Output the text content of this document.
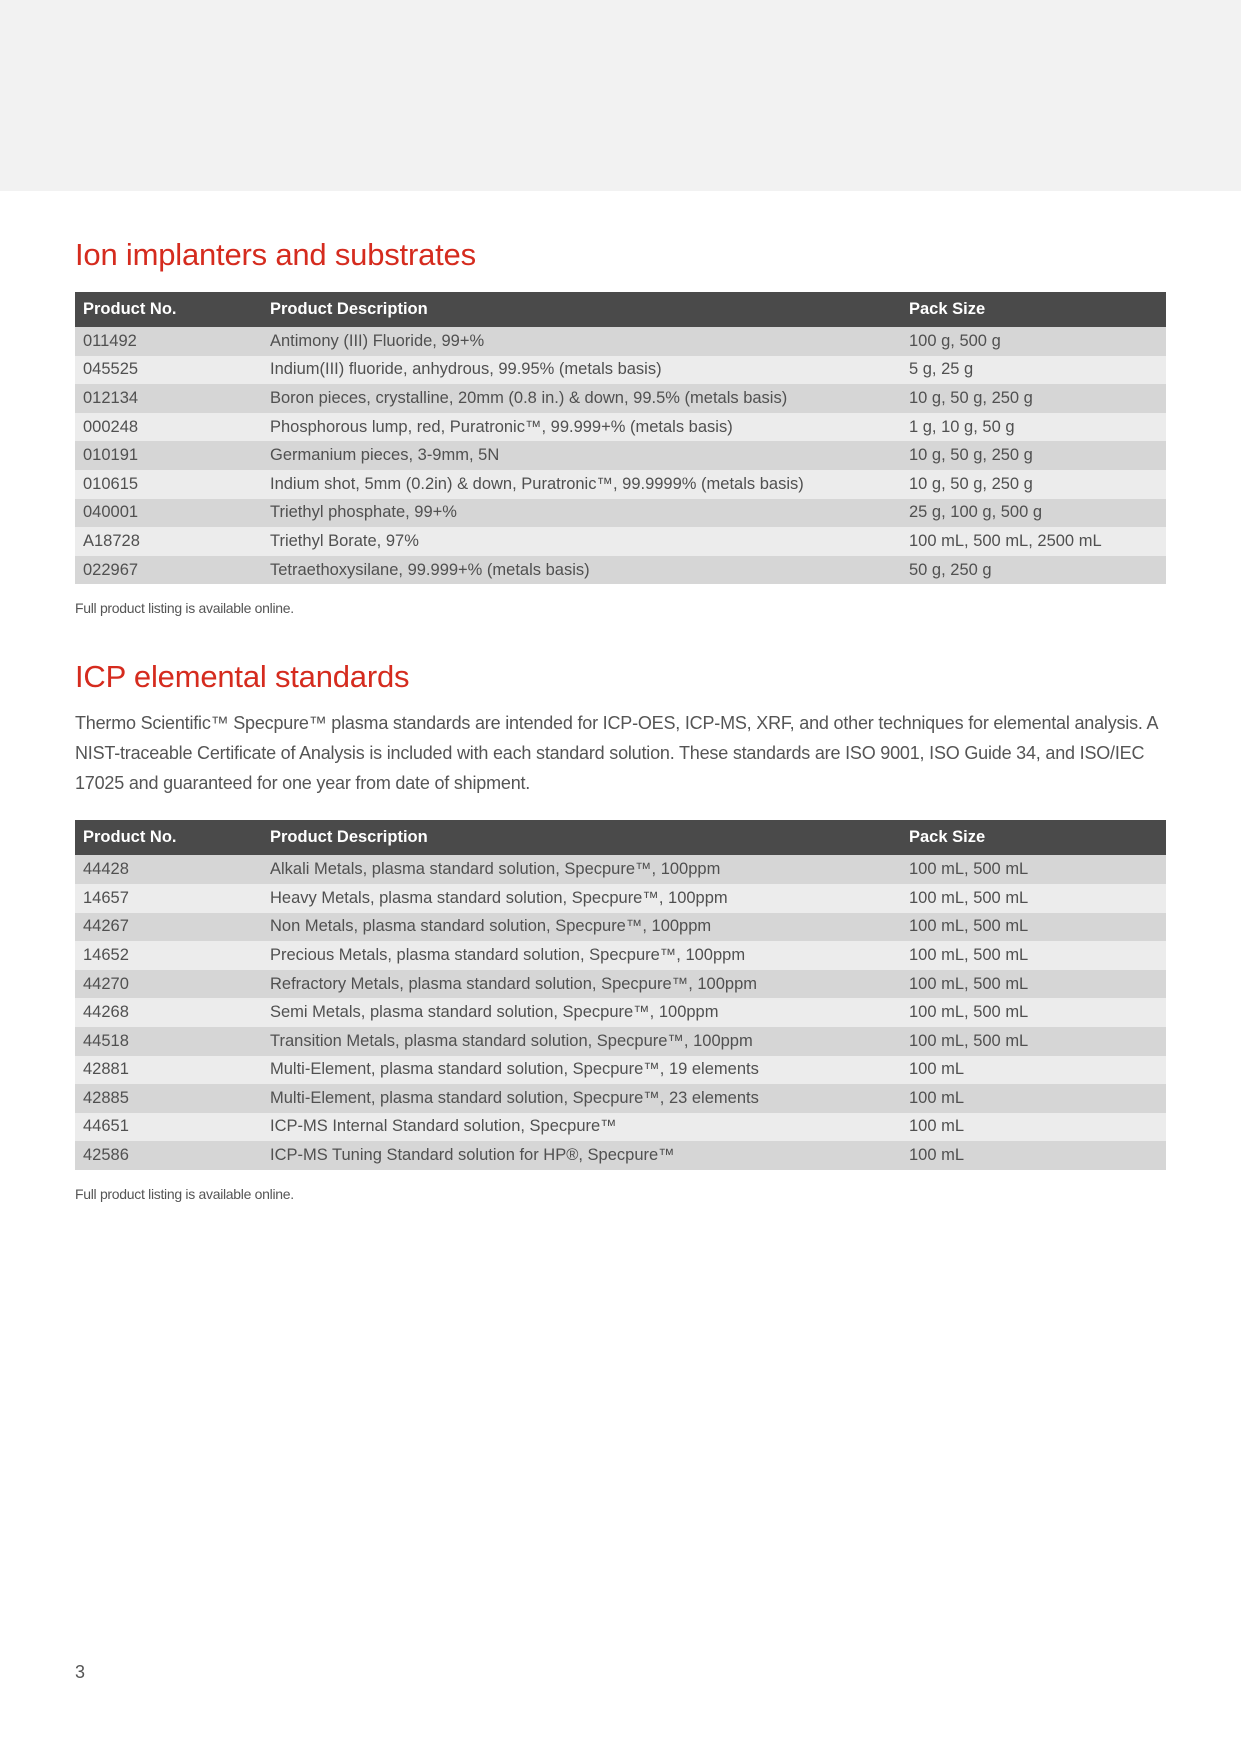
Ion implanters and substrates
Product No.	Product Description	Pack Size
011492	Antimony (III) Fluoride, 99+%	100 g, 500 g
045525	Indium(III) fluoride, anhydrous, 99.95% (metals basis)	5 g, 25 g
012134	Boron pieces, crystalline, 20mm (0.8 in.) & down, 99.5% (metals basis)	10 g, 50 g, 250 g
000248	Phosphorous lump, red, Puratronic™, 99.999+% (metals basis)	1 g, 10 g, 50 g
010191	Germanium pieces, 3-9mm, 5N	10 g, 50 g, 250 g
010615	Indium shot, 5mm (0.2in) & down, Puratronic™, 99.9999% (metals basis)	10 g, 50 g, 250 g
040001	Triethyl phosphate, 99+%	25 g, 100 g, 500 g
A18728	Triethyl Borate, 97%	100 mL, 500 mL, 2500 mL
022967	Tetraethoxysilane, 99.999+% (metals basis)	50 g, 250 g

Full product listing is available online.

ICP elemental standards

Thermo Scientific™ Specpure™ plasma standards are intended for ICP-OES, ICP-MS, XRF, and other techniques for elemental analysis. A NIST-traceable Certificate of Analysis is included with each standard solution. These standards are ISO 9001, ISO Guide 34, and ISO/IEC 17025 and guaranteed for one year from date of shipment.

Product No.	Product Description	Pack Size
44428	Alkali Metals, plasma standard solution, Specpure™, 100ppm	100 mL, 500 mL
14657	Heavy Metals, plasma standard solution, Specpure™, 100ppm	100 mL, 500 mL
44267	Non Metals, plasma standard solution, Specpure™, 100ppm	100 mL, 500 mL
14652	Precious Metals, plasma standard solution, Specpure™, 100ppm	100 mL, 500 mL
44270	Refractory Metals, plasma standard solution, Specpure™, 100ppm	100 mL, 500 mL
44268	Semi Metals, plasma standard solution, Specpure™, 100ppm	100 mL, 500 mL
44518	Transition Metals, plasma standard solution, Specpure™, 100ppm	100 mL, 500 mL
42881	Multi-Element, plasma standard solution, Specpure™, 19 elements	100 mL
42885	Multi-Element, plasma standard solution, Specpure™, 23 elements	100 mL
44651	ICP-MS Internal Standard solution, Specpure™	100 mL
42586	ICP-MS Tuning Standard solution for HP®, Specpure™	100 mL

Full product listing is available online.

3
